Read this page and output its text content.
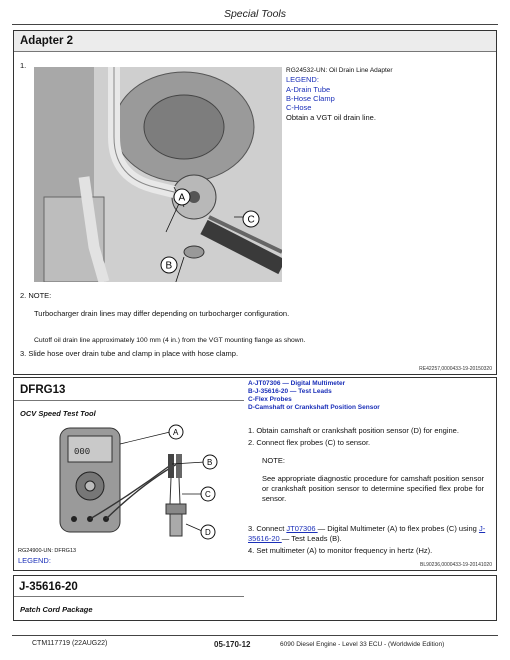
Special Tools
Adapter 2
1.
A
C
B
RG24532-UN: Oil Drain Line Adapter
LEGEND:
A-Drain Tube
B-Hose Clamp
C-Hose
Obtain a VGT oil drain line.
2. NOTE:
Turbocharger drain lines may differ depending on turbocharger configuration.
Cutoff oil drain line approximately 100 mm (4 in.) from the VGT mounting flange as shown.
3. Slide hose over drain tube and clamp in place with hose clamp.
RE42257,0000433-19-20150320
DFRG13
OCV Speed Test Tool
A-JT07306 — Digital Multimeter
B-J-35616-20 — Test Leads
C-Flex Probes
D-Camshaft or Crankshaft Position Sensor
000
A
B
C
D
RG24900-UN: DFRG13
LEGEND:
1. Obtain camshaft or crankshaft position sensor (D) for engine.
2. Connect flex probes (C) to sensor.
NOTE:
See appropriate diagnostic procedure for camshaft position sensor or crankshaft position sensor to determine specified flex probe for sensor.
3. Connect JT07306 — Digital Multimeter (A) to flex probes (C) using J-35616-20 — Test Leads (B).
4. Set multimeter (A) to monitor frequency in hertz (Hz).
BL90236,0000433-19-20141020
J-35616-20
Patch Cord Package
CTM117719 (22AUG22)	05-170-12	6090 Diesel Engine - Level 33 ECU - (Worldwide Edition)
